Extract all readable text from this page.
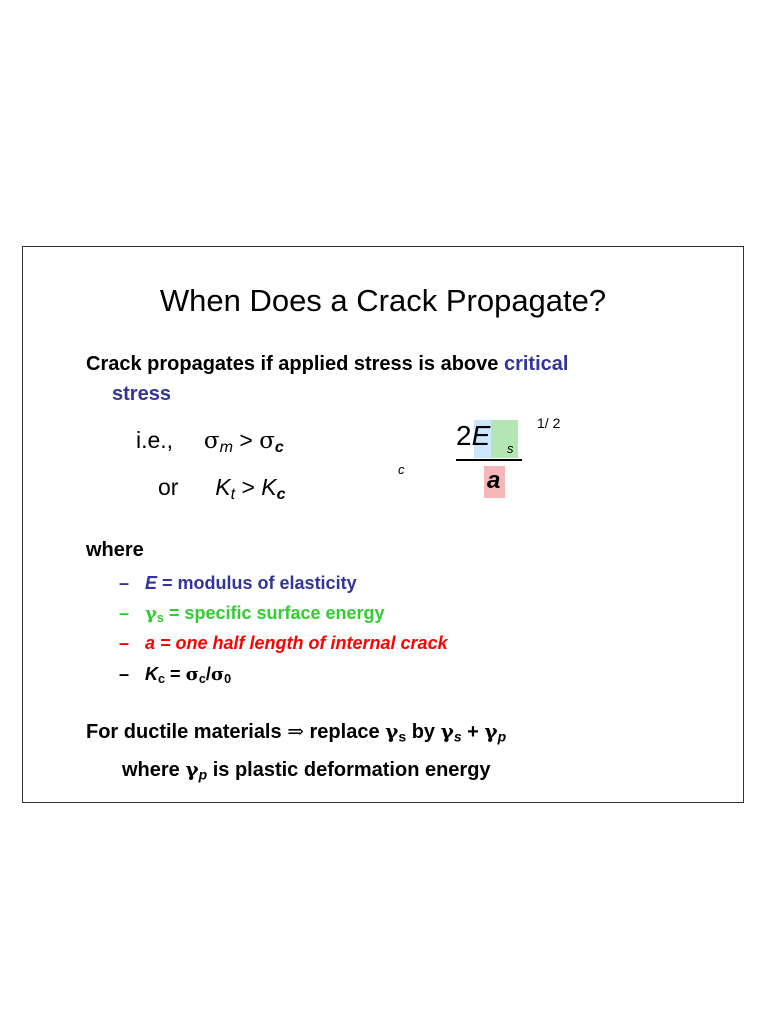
When Does a Crack Propagate?
Crack propagates if applied stress is above critical
stress
i.e., $\sigma_m > \sigma_c$
or $K_t > K_c$
c
2E s
1/ 2
a
where
– E = modulus of elasticity
– $\gamma_s$ = specific surface energy
– a = one half length of internal crack
– $K_c = \sigma_c/\sigma_0$
For ductile materials ⇒ replace $\gamma_s$ by $\gamma_s + \gamma_p$
where $\gamma_p$ is plastic deformation energy
